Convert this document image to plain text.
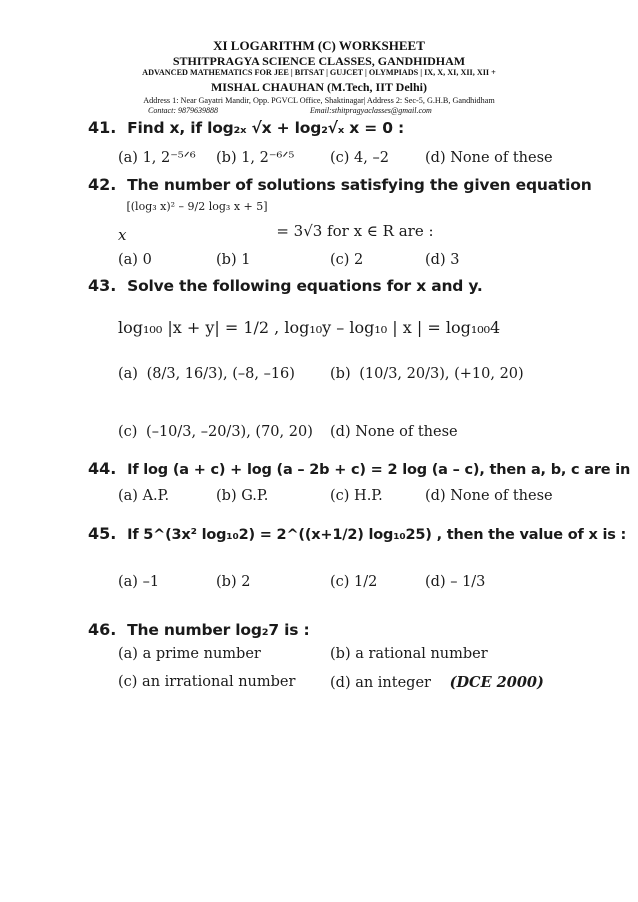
XI LOGARITHM (C) WORKSHEET
STHITPRAGYA SCIENCE CLASSES, GANDHIDHAM
ADVANCED MATHEMATICS FOR JEE | BITSAT | GUJCET | OLYMPIADS | IX, X, XI, XII, XII +
MISHAL CHAUHAN (M.Tech, IIT Delhi)
Address 1: Near Gayatri Mandir, Opp. PGVCL Office, Shaktinagar| Address 2: Sec-5, G.H.B, Gandhidham
Contact: 9879639888	Email:sthitpragyaclasses@gmail.com
41. Find x, if log₂ₓ √x + log₂√ₓ x = 0 :
(a) 1, 2⁻⁵ᐟ⁶ (b) 1, 2⁻⁶ᐟ⁵ (c) 4, –2 (d) None of these
42. The number of solutions satisfying the given equation
x[(log₃ x)² – 9/2 log₃ x + 5] = 3√3 for x ∈ R are :
(a) 0	(b) 1	(c) 2	(d) 3
43. Solve the following equations for x and y.
log₁₀₀ |x + y| = 1/2 , log₁₀y – log₁₀ | x | = log₁₀₀4
(a) (8/3, 16/3), (–8, –16) (b) (10/3, 20/3), (+10, 20)
(c) (–10/3, –20/3), (70, 20) (d) None of these
44. If log (a + c) + log (a – 2b + c) = 2 log (a – c), then a, b, c are in
(a) A.P.	(b) G.P.	(c) H.P.	(d) None of these
45. If 5^(3x² log₁₀2) = 2^((x+1/2) log₁₀25) , then the value of x is :
(a) –1	(b) 2	(c) 1/2	(d) – 1/3
46. The number log₂7 is :
(a) a prime number	(b) a rational number
(c) an irrational number (d) an integer (DCE 2000)
